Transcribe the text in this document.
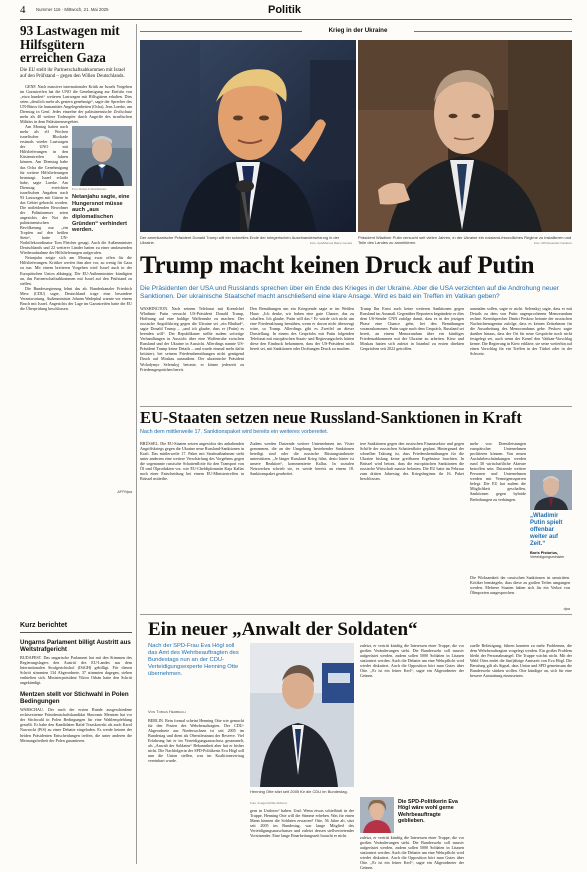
4 Nummer 116 · Mittwoch, 21. Mai 2025	Politik
93 Lastwagen mit Hilfsgütern erreichen Gaza
Die EU stellt ihr Partnerschaftsabkommen mit Israel auf den Prüfstand – gegen den Willen Deutschlands.

GENF. Nach massiver internationaler Kritik an Israels Vorgehen im Gazastreifen hat die UNO die Genehmigung zur Einfuhr von „etwa hundert“ weiteren Lastwagen mit Hilfsgütern erhalten. Dies seien „deutlich mehr als gestern genehmigt“, sagte der Sprecher des UN-Büros für humanitäre Angelegenheiten (Ocha), Jens Laerke, am Dienstag in Genf. Jedes einzelne der palästinensische Zivilschutz mehr als 40 weitere Todesopfer durch Angriffe des israelischen Militärs in dem Palästinensergebiet.

Foto: Ronen Zvulun/Reuters
Netanjahu sagte, eine Hungersnot müsse auch „aus diplomatischen Gründen“ verhindert werden.

Am Montag hatten nach mehr als elf Wochen israelischer Blockade erstmals wieder Lastwagen der UNO mit Hilfslieferungen in den Küstenstreifen fahren können. Am Dienstag habe das Ocha die Genehmigung für weitere Hilfslieferungen beantragt. Israel erlaubt habe, sagte Laerke. Am Dienstag erreichten israelischen Angaben nach 93 Lastwagen mit Gütern in das Gebiet gebracht worden. Die notleidenden Bewohner der Palästinenser seien angesichts der Not der palästinensischen Bevölkerung nur „ein Tropfen auf den heißen Stein“, hatte UN-Nothilfekoordinator Tom Fletcher gesagt. Auch die Außenminister Deutschlands und 22 weiterer Länder hatten zu einer umfassenden Wiederaufnahme der Hilfslieferungen aufgerufen.

Netanjahu zeigte sich am Montag zwar offen für die Hilfslieferungen. Kritiker werfen ihm aber vor, zu wenig für Gaza zu tun. Mit einem breiteren Vorgehen wird Israel auch in der Europäischen Union abhängig. Die EU-Außenminister kündigten an, das Partnerschaftsabkommen mit Israel auf den Prüfstand zu stellen.

Die Bundesregierung lehnt das ab. Bundeskanzler Friedrich Merz (CDU) sagte, Deutschland trage eine besondere Verantwortung. Außenminister Johann Wadephul warnte vor einem Bruch mit Israel. Angesichts der Lage im Gazastreifen hatte die EU die Überprüfung beschlossen.

AFP/dpa
Kurz berichtet
Ungarns Parlament billigt Austritt aus Weltstrafgericht
BUDAPEST. Das ungarische Parlament hat mit den Stimmen des Regierungslagers den Austritt des EU-Landes aus dem Internationalen Strafgerichtshof (IStGH) gebilligt. Für diesen Schritt stimmten 134 Abgeordnete, 37 stimmten dagegen, sieben enthielten sich. Ministerpräsident Viktor Orbán hatte den Schritt angekündigt.
Mentzen stellt vor Stichwahl in Polen Bedingungen
WARSCHAU. Der nach der ersten Runde ausgeschiedene rechtsextreme Präsidentschaftskandidat Sławomir Mentzen hat vor der Stichwahl in Polen Bedingungen für eine Wahlempfehlung gestellt. Er habe den Kandidaten Rafał Trzaskowski als auch Karol Nawrocki (PiS) zu einer Debatte eingeladen. Es werde keinen der beiden Präsidenten Entscheidungen treffen, die unter anderen die Meinungsfreiheit der Polen garantieren.
Krieg in der Ukraine
Der amerikanische Präsident Donald Trump will ein schnelles Ende der kriegerischen Auseinandersetzung in der Ukraine.	Foto: dpa/Manuel Balce Ceneta
Präsident Wladimir Putin versucht seit vielen Jahren, in der Ukraine ein russland-freundliches Regime zu installieren und Teile des Landes zu annektieren.	Foto: AP/Alexander Kazakov
Trump macht keinen Druck auf Putin
Die Präsidenten der USA und Russlands sprechen über ein Ende des Krieges in der Ukraine. Aber die USA verzichten auf die Androhung neuer Sanktionen. Der ukrainische Staatschef macht anschließend eine klare Ansage. Wird es bald ein Treffen im Vatikan geben?
WASHINGTON. Nach seinem Telefonat mit Kremlchef Wladimir Putin versucht US-Präsident Donald Trump, Hoffnung auf eine baldige Waffenruhe zu machen. Der russische Angriffskrieg gegen die Ukraine sei „ein Blutbad“, sagte Donald Trump – „und ich glaube, dass er (Putin) es beenden will“. Der Republikaner stellte zudem sofortige Verhandlungen in Aussicht über eine Waffenruhe zwischen Russland und der Ukraine in Aussicht. Allerdings nannte US-Präsident Trump keine Details – und wurde einmal mehr dafür kritisiert, bei seinem Friedensbemühungen nicht genügend Druck auf Moskau auszuüben. Der ukrainische Präsident Wolodymyr Selenskyj betonte, er könne jederzeit zu Friedensgesprächen bereit.
Den Bemühungen um ein Kriegsende sagte er im Weißen Haus: „Ich denke, wir haben eine gute Chance, das zu schaffen. Ich glaube, Putin will das.“ Er würde sich nicht um eine Friedenslösung bemühen, wenn er davon nicht überzeugt wäre, so Trump. Allerdings gibt es Zweifel an dieser Darstellung. In einem des Gesprächs mit Putin folgenden Telefonat mit europäischen Staats- und Regierungschefs hätten diese den Eindruck bekommen, dass der US-Präsident nicht bereit sei, mit Sanktionen oder Drohungen Druck zu machen.
Trump Ihn Ernst auch keine weiteren Sanktionen gegen Russland im Ausmaß. Gegenüber Reportern begründete er dies dem US-Sender CNN zufolge damit, dass es in der jetzigen Phase eine Chance gebe, bei den Bemühungen voranzukommen. Putin sagte nach dem Gespräch, Russland sei bereit, an einem Memorandum über ein künftiges Friedensabkommen mit der Ukraine zu arbeiten. Kiew und Moskau hatten sich zuletzt in Istanbul zu ersten direkten Gesprächen seit 2022 getroffen.
ausmalen sollen, sagte er nicht. Selenskyj sagte, dass er mit Details zu dem von Putin angesprochenen Memorandum rechne. Kremlsprecher Dmitri Peskow betonte der russischen Nachrichtenagentur zufolge, dass es keinen Zeitrahmen für die Ausarbeitung des Memorandums gebe. Peskow sagte darüber hinaus, dass der Ort für neue Gespräche noch nicht festgelegt sei, auch wenn der Kreml den Vatikan-Vorschlag kenne. Die Regierung in Kiew erklärte, sie setze weiterhin auf einen Vorschlag für ein Treffen in der Türkei oder in der Schweiz.
EU-Staaten setzen neue Russland-Sanktionen in Kraft
Nach dem mittlerweile 17. Sanktionspaket wird bereits ein weiteres vorbereitet.
BRÜSSEL. Die EU-Staaten setzen angesichts des anhaltenden Angriffskriegs gegen die Ukraine neue Russland-Sanktionen in Kraft. Das mittlerweile 17. Paket mit Strafmaßnahmen sieht unter anderem eine weitere Verschärfung des Vorgehens gegen die sogenannte russische Schattenflotte für den Transport von Öl und Ölprodukten vor, wie EU-Chefdiplomatin Kaja Kallas nach einer Entscheidung bei einem EU-Ministertreffen in Brüssel mitteilte.
Zudem werden Dutzende weitere Unternehmen ins Visier genommen, die an der Umgehung bestehender Sanktionen beteiligt sind oder die russische Rüstungsindustrie unterstützen. „Je länger Russland Krieg führt, desto härter ist unsere Reaktion“, kommentierte Kallas. In sozialen Netzwerken schrieb sie, es werde bereits an einem 18. Sanktionspaket gearbeitet.
tere Sanktionen gegen den russischen Finanzsektor und gegen Schiffe der russischen Schattenflotte geplant. Hintergrund der schnellen Taktung ist, dass Friedensbemühungen für die Ukraine bislang keine greifbaren Ergebnisse brachten. In Brüssel wird betont, dass die europäischen Sanktionen die russische Wirtschaft massiv belasten. Die EU hatte im Februar zum dritten Jahrestag des Kriegsbeginns ihr 16. Paket beschlossen.
mehr von Dienstleistungen europäischer Unternehmen profitieren können. Von neuen Ausfuhrbeschränkungen werden rund 30 wirtschaftliche Akteure betroffen sein. Dutzende weitere Personen und Unternehmen werden mit Vermögenssperren belegt. Die EU hat zudem die Möglichkeit geschaffen, Sanktionen gegen hybride Bedrohungen zu verhängen.
Die Wirksamkeit der russischen Sanktionen ist umstritten. Kritiker bemängeln, dass diese zu großen Teilen umgangen werden. Mehrere Staaten haben sich für ein Verbot von Ölimporten ausgesprochen.
dpa
„Wladimir Putin spielt offenbar weiter auf Zeit.“
Boris Pistorius,
Verteidigungsminister
Ein neuer „Anwalt der Soldaten“
Nach der SPD-Frau Eva Högl soll das Amt des Wehrbeauftragten des Bundestags nun an der CDU-Verteidigungsexperte Henning Otte übernehmen.
Von Tobias Heimbach
BERLIN. Rein formal scheint Henning Otte wie gemacht für den Posten des Wehrbeauftragten. Der CDU-Abgeordnete aus Niedersachsen ist seit 2005 im Bundestag und dient als Oberstleutnant der Reserve. Viel Erfahrung hat er im Verteidigungsausschuss gesammelt, als „Anwalt der Soldaten“ Bekanntheit aber hat er bisher nicht. Die Nachfolgerin der SPD-Politikerin Eva Högl soll nun die Union stellen, was im Koalitionsvertrag vereinbart wurde.
Henning Otte sitzt seit 2005 für die CDU im Bundestag.
Foto: Imago/Achille Abboud
gern in Uniform“ haben. Und: Wenn etwas schiefläuft in der Truppe, Henning Otte will die Stimme erheben. Was für einen Mann können die Soldaten erwarten? Otte, 56 Jahre alt, sitzt seit 2005 im Bundestag, war lange Mitglied des Verteidigungsausschusses und zuletzt dessen stellvertretender Vorsitzender. Eine lange Einarbeitungszeit braucht er nicht.
zuletzt, er vertritt künftig die Interessen einer Truppe, die vor großen Veränderungen steht. Die Bundeswehr soll massiv aufgerüstet werden, zudem sollen 5000 Soldaten in Litauen stationiert werden. Auch die Debatte um eine Wehrpflicht wird wieder diskutiert. Auch die Opposition hört man Gutes über Otte. „Er ist ein feiner Kerl“, sagte ein Abgeordneter der Grünen.
Die SPD-Politikerin Eva Högl wäre wohl gerne Wehrbeauftragte geblieben.
zuletzt, er vertritt künftig die Interessen einer Truppe, die vor großen Veränderungen steht. Die Bundeswehr soll massiv aufgerüstet werden, zudem sollen 5000 Soldaten in Litauen stationiert werden. Auch die Debatte um eine Wehrpflicht wird wieder diskutiert. Auch die Opposition hört man Gutes über Otte. „Er ist ein feiner Kerl“, sagte ein Abgeordneter der Grünen.
zuelle Belästigung, führen konnten zu mehr Problemen, die dem Wehrbeauftragten vorgelegt werden. Ein großes Problem bleibt der Personalmangel. Die Truppe wächst nicht. Mit der Wahl Ottes endet die fünfjährige Amtszeit von Eva Högl. Die Berufung gilt als Signal, dass Union und SPD gemeinsam die Bundeswehr stärken wollen. Otte kündigte an, sich für eine bessere Ausstattung einzusetzen.
